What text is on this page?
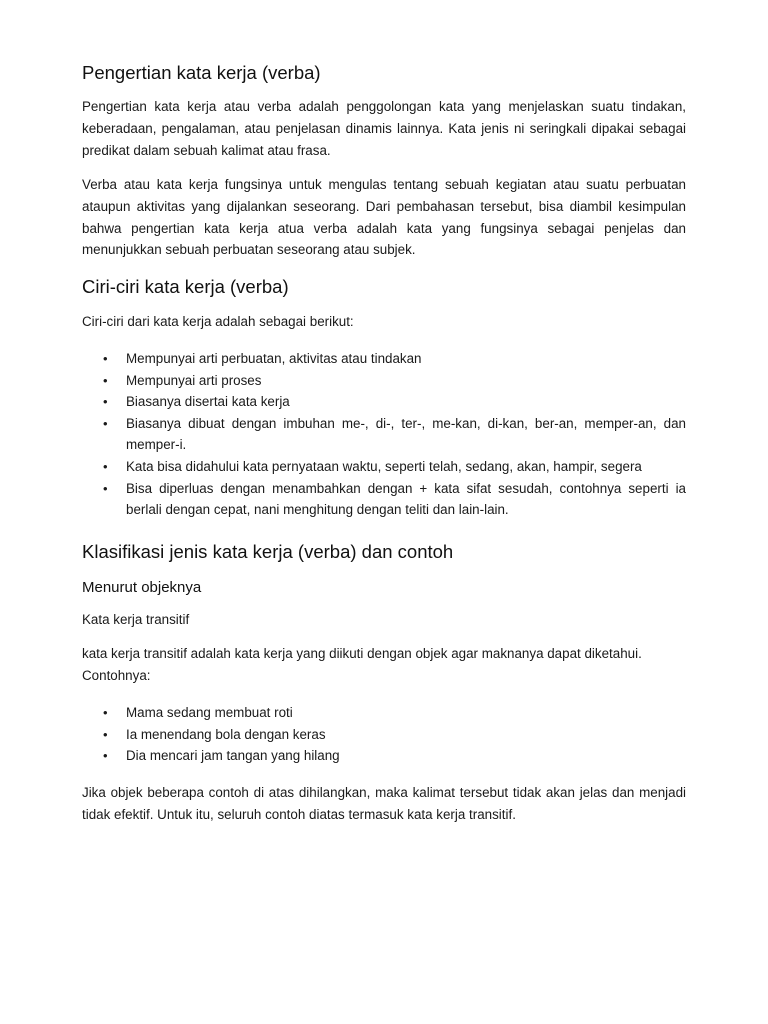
Pengertian kata kerja (verba)

Pengertian kata kerja atau verba adalah penggolongan kata yang menjelaskan suatu tindakan, keberadaan, pengalaman, atau penjelasan dinamis lainnya. Kata jenis ni seringkali dipakai sebagai predikat dalam sebuah kalimat atau frasa.

Verba atau kata kerja fungsinya untuk mengulas tentang sebuah kegiatan atau suatu perbuatan ataupun aktivitas yang dijalankan seseorang. Dari pembahasan tersebut, bisa diambil kesimpulan bahwa pengertian kata kerja atua verba adalah kata yang fungsinya sebagai penjelas dan menunjukkan sebuah perbuatan seseorang atau subjek.

Ciri-ciri kata kerja (verba)

Ciri-ciri dari kata kerja adalah sebagai berikut:

• Mempunyai arti perbuatan, aktivitas atau tindakan
• Mempunyai arti proses
• Biasanya disertai kata kerja
• Biasanya dibuat dengan imbuhan me-, di-, ter-, me-kan, di-kan, ber-an, memper-an, dan memper-i.
• Kata bisa didahului kata pernyataan waktu, seperti telah, sedang, akan, hampir, segera
• Bisa diperluas dengan menambahkan dengan + kata sifat sesudah, contohnya seperti ia berlali dengan cepat, nani menghitung dengan teliti dan lain-lain.
Klasifikasi jenis kata kerja (verba) dan contoh
Menurut objeknya

Kata kerja transitif

kata kerja transitif adalah kata kerja yang diikuti dengan objek agar maknanya dapat diketahui. Contohnya:

• Mama sedang membuat roti
• Ia menendang bola dengan keras
• Dia mencari jam tangan yang hilang

Jika objek beberapa contoh di atas dihilangkan, maka kalimat tersebut tidak akan jelas dan menjadi tidak efektif. Untuk itu, seluruh contoh diatas termasuk kata kerja transitif.
